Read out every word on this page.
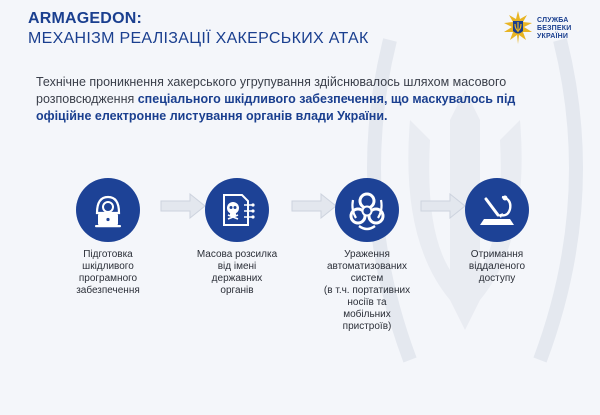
ARMAGEDON:
МЕХАНІЗМ РЕАЛІЗАЦІЇ ХАКЕРСЬКИХ АТАК
СЛУЖБА
БЕЗПЕКИ
УКРАЇНИ
Технічне проникнення хакерського угрупування здійснювалось шляхом масового розповсюдження спеціального шкідливого забезпечення, що маскувалось під офіційне електронне листування органів влади України.
Підготовка
шкідливого
програмного
забезпечення
Масова розсилка
від імені
державних
органів
Ураження
автоматизованих
систем
(в т.ч. портативних
носіїв та
мобільних
пристроїв)
Отримання
віддаленого
доступу
